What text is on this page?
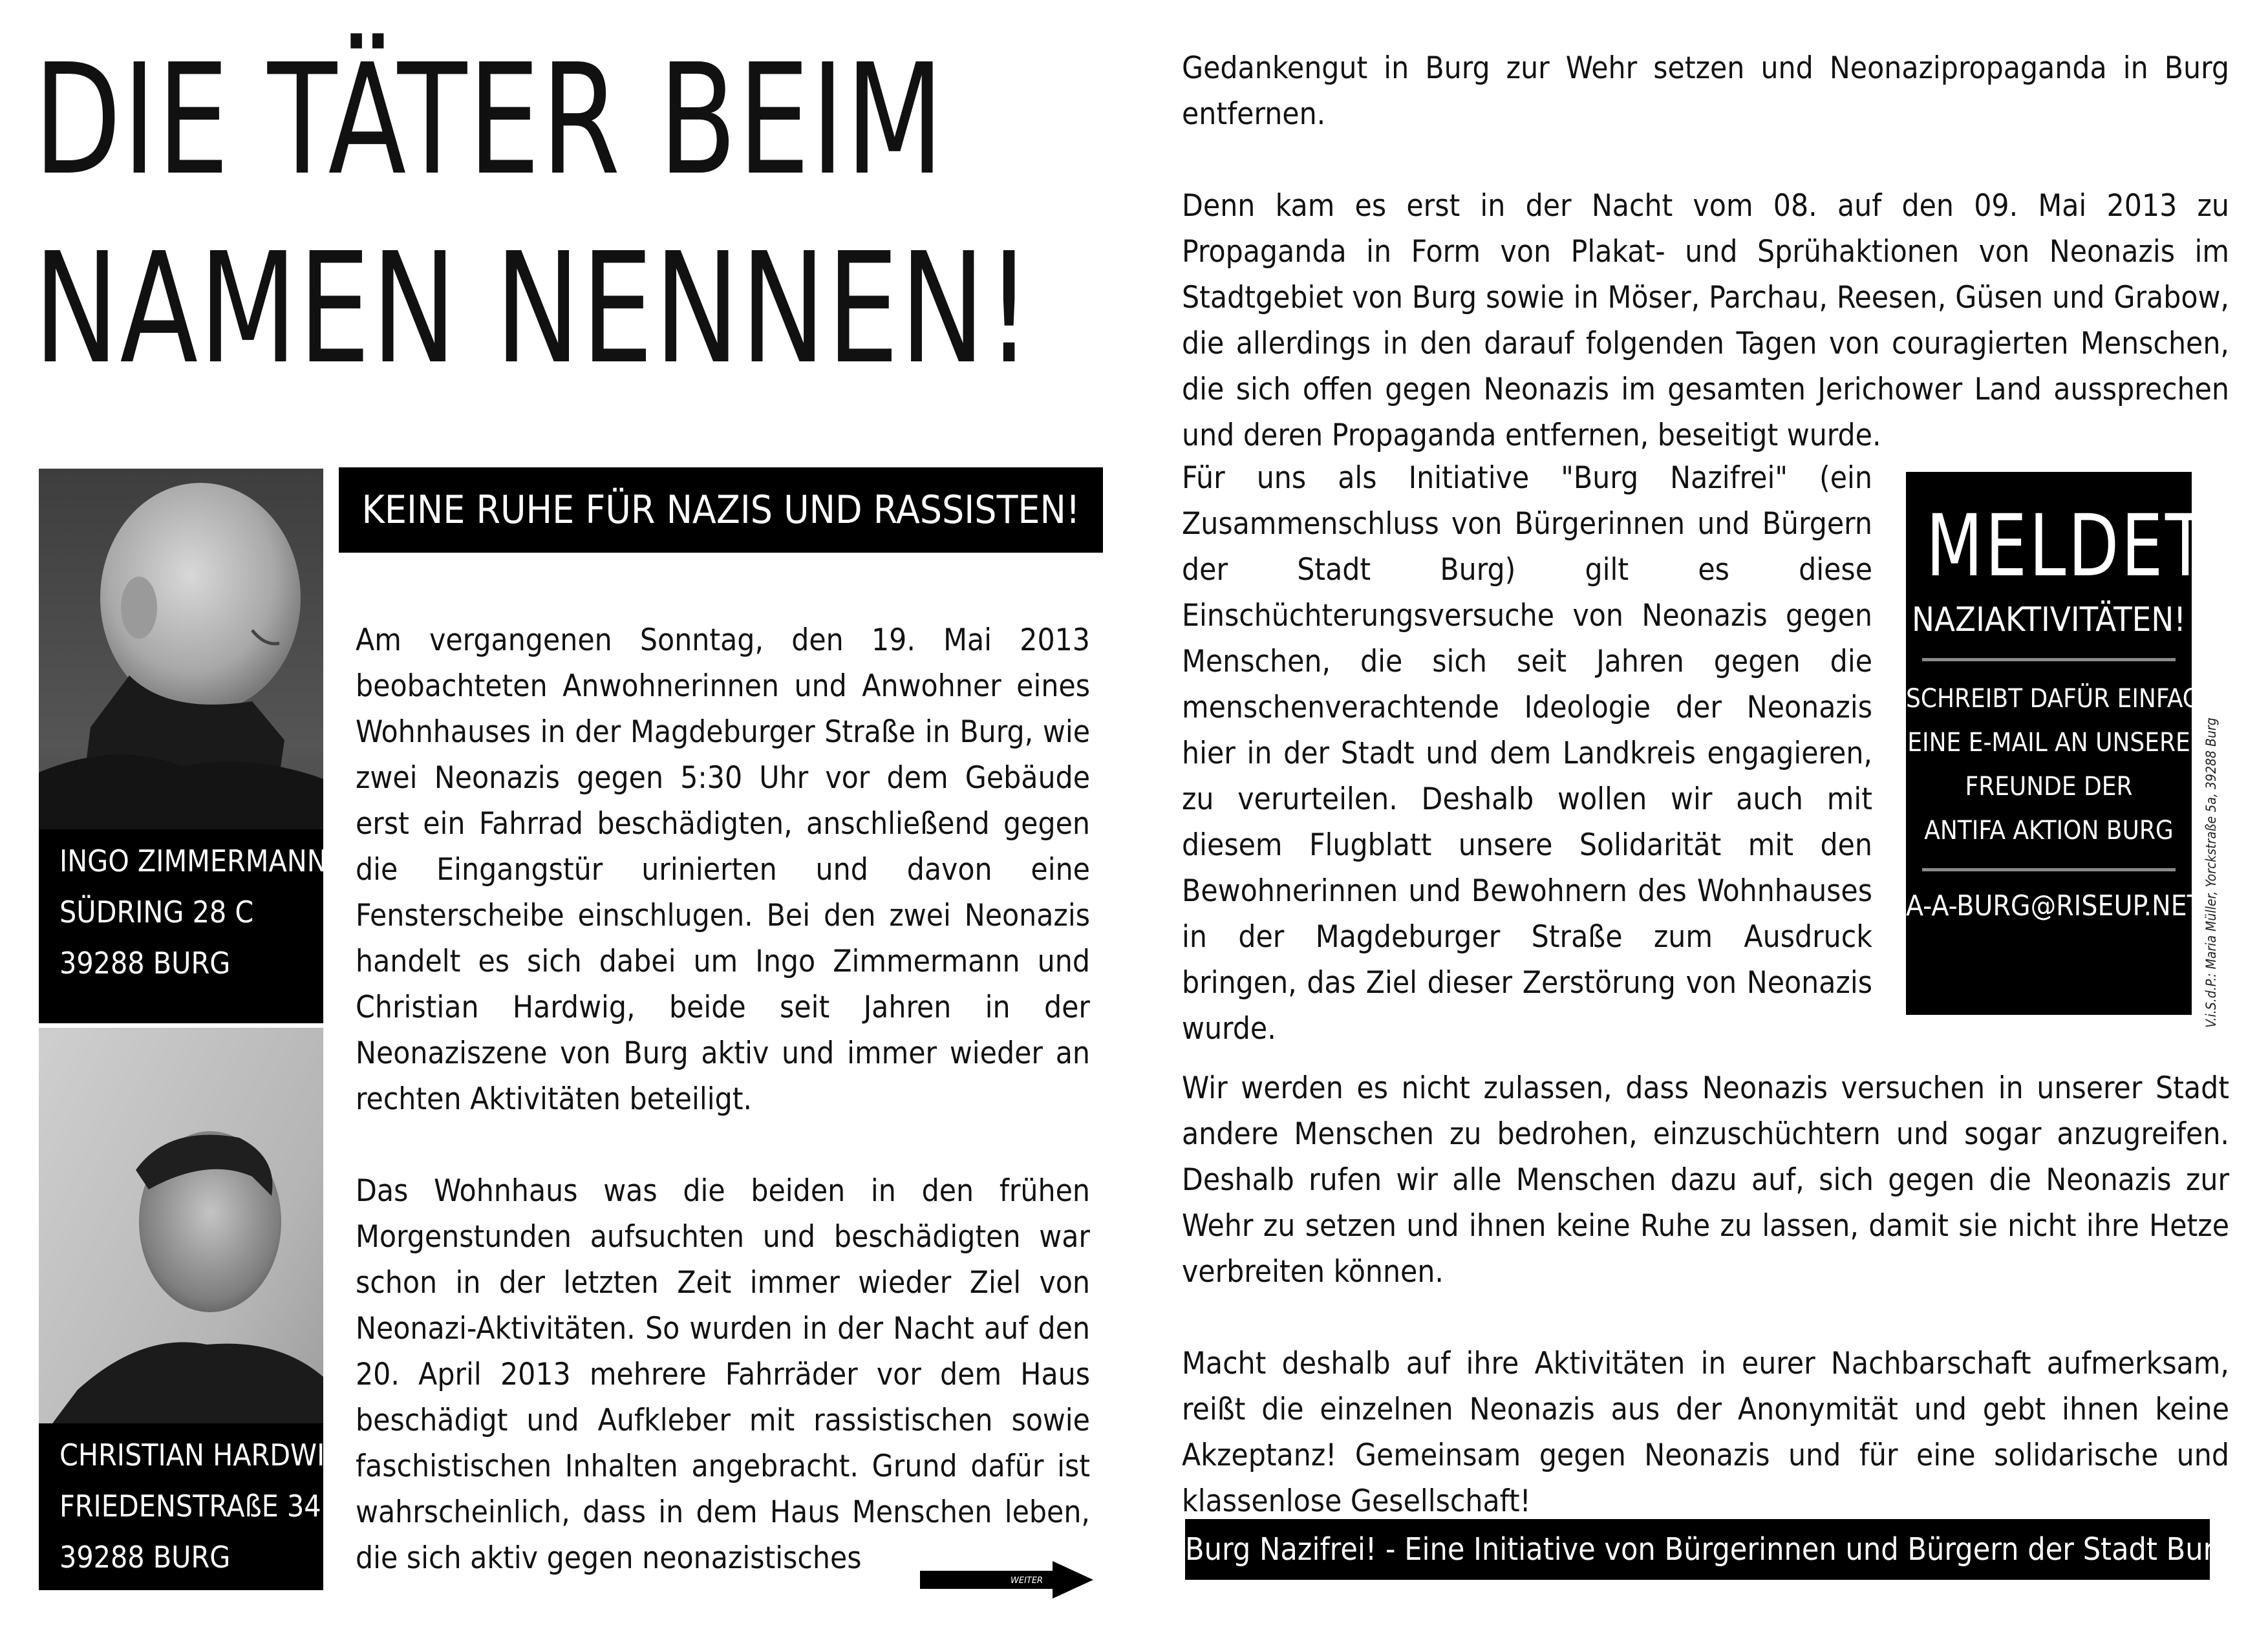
DIE TÄTER BEIM
NAMEN NENNEN!
KEINE RUHE FÜR NAZIS UND RASSISTEN!
INGO ZIMMERMANN
SÜDRING 28 C
39288 BURG
CHRISTIAN HARDWIG
FRIEDENSTRAßE 34
39288 BURG

Am vergangenen Sonntag, den 19. Mai 2013 beobachteten Anwohnerinnen und Anwohner eines Wohnhauses in der Magdeburger Straße in Burg, wie zwei Neonazis gegen 5:30 Uhr vor dem Gebäude erst ein Fahrrad beschädigten, anschließend gegen die Eingangstür urinierten und davon eine Fensterscheibe einschlugen. Bei den zwei Neonazis handelt es sich dabei um Ingo Zimmermann und Christian Hardwig, beide seit Jahren in der Neonaziszene von Burg aktiv und immer wieder an rechten Aktivitäten beteiligt.

Das Wohnhaus was die beiden in den frühen Morgenstunden aufsuchten und beschädigten war schon in der letzten Zeit immer wieder Ziel von Neonazi-Aktivitäten. So wurden in der Nacht auf den 20. April 2013 mehrere Fahrräder vor dem Haus beschädigt und Aufkleber mit rassistischen sowie faschistischen Inhalten angebracht. Grund dafür ist wahrscheinlich, dass in dem Haus Menschen leben, die sich aktiv gegen neonazistisches

WEITER

Gedankengut in Burg zur Wehr setzen und Neonazipropaganda in Burg entfernen.

Denn kam es erst in der Nacht vom 08. auf den 09. Mai 2013 zu Propaganda in Form von Plakat- und Sprühaktionen von Neonazis im Stadtgebiet von Burg sowie in Möser, Parchau, Reesen, Güsen und Grabow, die allerdings in den darauf folgenden Tagen von couragierten Menschen, die sich offen gegen Neonazis im gesamten Jerichower Land aussprechen und deren Propaganda entfernen, beseitigt wurde.

Für uns als Initiative "Burg Nazifrei" (ein Zusammenschluss von Bürgerinnen und Bürgern der Stadt Burg) gilt es diese Einschüchterungsversuche von Neonazis gegen Menschen, die sich seit Jahren gegen die menschenverachtende Ideologie der Neonazis hier in der Stadt und dem Landkreis engagieren, zu verurteilen. Deshalb wollen wir auch mit diesem Flugblatt unsere Solidarität mit den Bewohnerinnen und Bewohnern des Wohnhauses in der Magdeburger Straße zum Ausdruck bringen, das Ziel dieser Zerstörung von Neonazis wurde.

Wir werden es nicht zulassen, dass Neonazis versuchen in unserer Stadt andere Menschen zu bedrohen, einzuschüchtern und sogar anzugreifen. Deshalb rufen wir alle Menschen dazu auf, sich gegen die Neonazis zur Wehr zu setzen und ihnen keine Ruhe zu lassen, damit sie nicht ihre Hetze verbreiten können.

Macht deshalb auf ihre Aktivitäten in eurer Nachbarschaft aufmerksam, reißt die einzelnen Neonazis aus der Anonymität und gebt ihnen keine Akzeptanz! Gemeinsam gegen Neonazis und für eine solidarische und klassenlose Gesellschaft!

MELDET
NAZIAKTIVITÄTEN!
SCHREIBT DAFÜR EINFACH
EINE E-MAIL AN UNSERE
FREUNDE DER
ANTIFA AKTION BURG
A-A-BURG@RISEUP.NET V.i.S.d.P.: Maria Müller, Yorckstraße 5a, 39288 Burg
Burg Nazifrei! - Eine Initiative von Bürgerinnen und Bürgern der Stadt Burg
